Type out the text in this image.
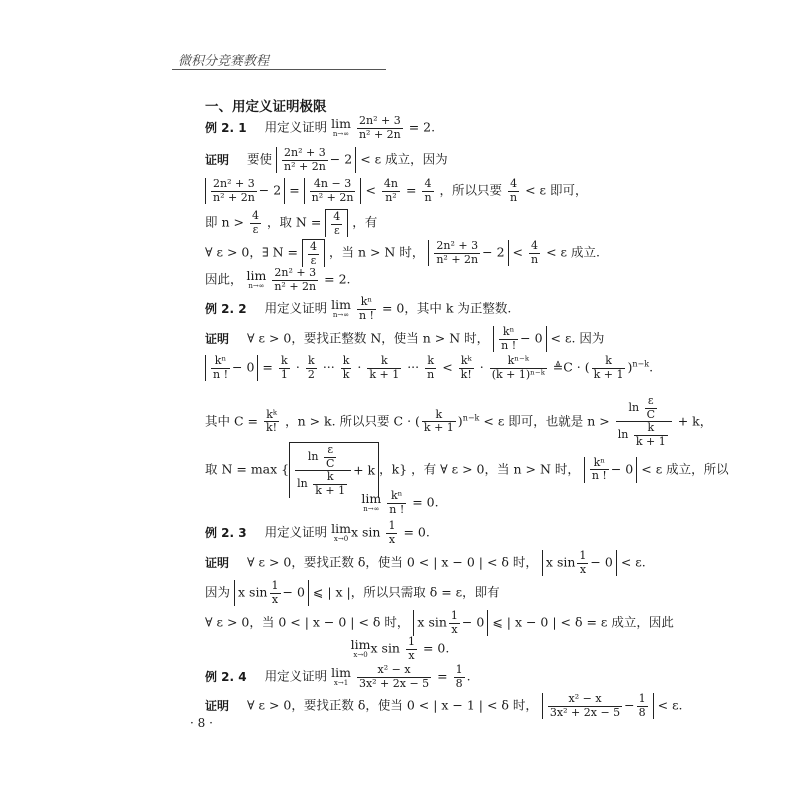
微积分竞赛教程
一、用定义证明极限
例 2. 1 用定义证明 lim
n→∞
$\frac{\text{2n² + 3}}{\text{n² + 2n}} = 2$.
证明 要使 $\frac{\text{2n² + 3}}{\text{n² + 2n}} - 2 < \varepsilon$ 成立，因为
$\frac{\text{2n² + 3}}{\text{n² + 2n}} - 2 = \frac{4n - 3}{\text{n² + 2n}} < \frac{4n}{\text{n²}} = \frac{4}{n}$ ，所以只要 $\frac{4}{n} < \varepsilon$ 即可，
即 $n > \frac{4}{\varepsilon}$ ，取 $N = \frac{4}{\varepsilon}$ ，有
∀ ε > 0，∃ $N = \frac{4}{\varepsilon}$ ，当 n > N 时， $\frac{\text{2n² + 3}}{\text{n² + 2n}} - 2 < \frac{4}{n} < \varepsilon$ 成立.
因此， lim
n→∞
$\frac{\text{2n² + 3}}{\text{n² + 2n}} = 2$.
例 2. 2 用定义证明 lim
n→∞
$\frac{\text{kⁿ}}{n !} = 0$，其中 k 为正整数.
证明 ∀ ε > 0，要找正整数 N，使当 n > N 时， $\frac{\text{kⁿ}}{n !} - 0 < \varepsilon$. 因为
$\frac{\text{kⁿ}}{n !} - 0 = \frac{k}{1} \cdot \frac{k}{2}$ ··· $\frac{k}{k} \cdot \frac{k}{k + 1}$ ··· $\frac{k}{n} < \frac{\text{kᵏ}}{k!} \cdot \frac{\text{kⁿ⁻ᵏ}}{\text{(k + 1)ⁿ⁻ᵏ}}$ ≜C · ( $\frac{k}{k + 1} )^{n-k}$.
其中 $C = \frac{\text{kᵏ}}{k!}$ ，n > k. 所以只要 C · ( $\frac{k}{k + 1} )^{n-k} < \varepsilon$ 即可，也就是 $n > \frac{\ln \frac{\varepsilon}{C}}{\ln \frac{k}{k + 1}} + k$，
取 N = max { $\frac{\ln \frac{\varepsilon}{C}}{\ln \frac{k}{k + 1}} + k$ ，k} ，有 ∀ ε > 0，当 n > N 时， $\frac{\text{kⁿ}}{n !} - 0 < \varepsilon$ 成立，所以
lim
n→∞
$\frac{\text{kⁿ}}{n !} = 0$.
例 2. 3 用定义证明 lim
x→0 x $\sin \frac{1}{x} = 0$.
证明 ∀ ε > 0，要找正数 δ，使当 0 < | x − 0 | < δ 时， x $\sin \frac{1}{x} - 0 < \varepsilon$.
因为 x $\sin \frac{1}{x} - 0$ ⩽ | x |，所以只需取 δ = ε，即有
∀ ε > 0，当 0 < | x − 0 | < δ 时， x $\sin \frac{1}{x} - 0$ ⩽ | x − 0 | < δ = ε 成立，因此
lim
x→0 x $\sin \frac{1}{x} = 0$.
例 2. 4 用定义证明 lim
x→1
$\frac{\text{x² − x}}{\text{3x² + 2x − 5}} = \frac{1}{8}$ .
证明 ∀ ε > 0，要找正数 δ，使当 0 < | x − 1 | < δ 时， $\frac{\text{x² − x}}{\text{3x² + 2x − 5}} - \frac{1}{8} < \varepsilon$.
· 8 ·
